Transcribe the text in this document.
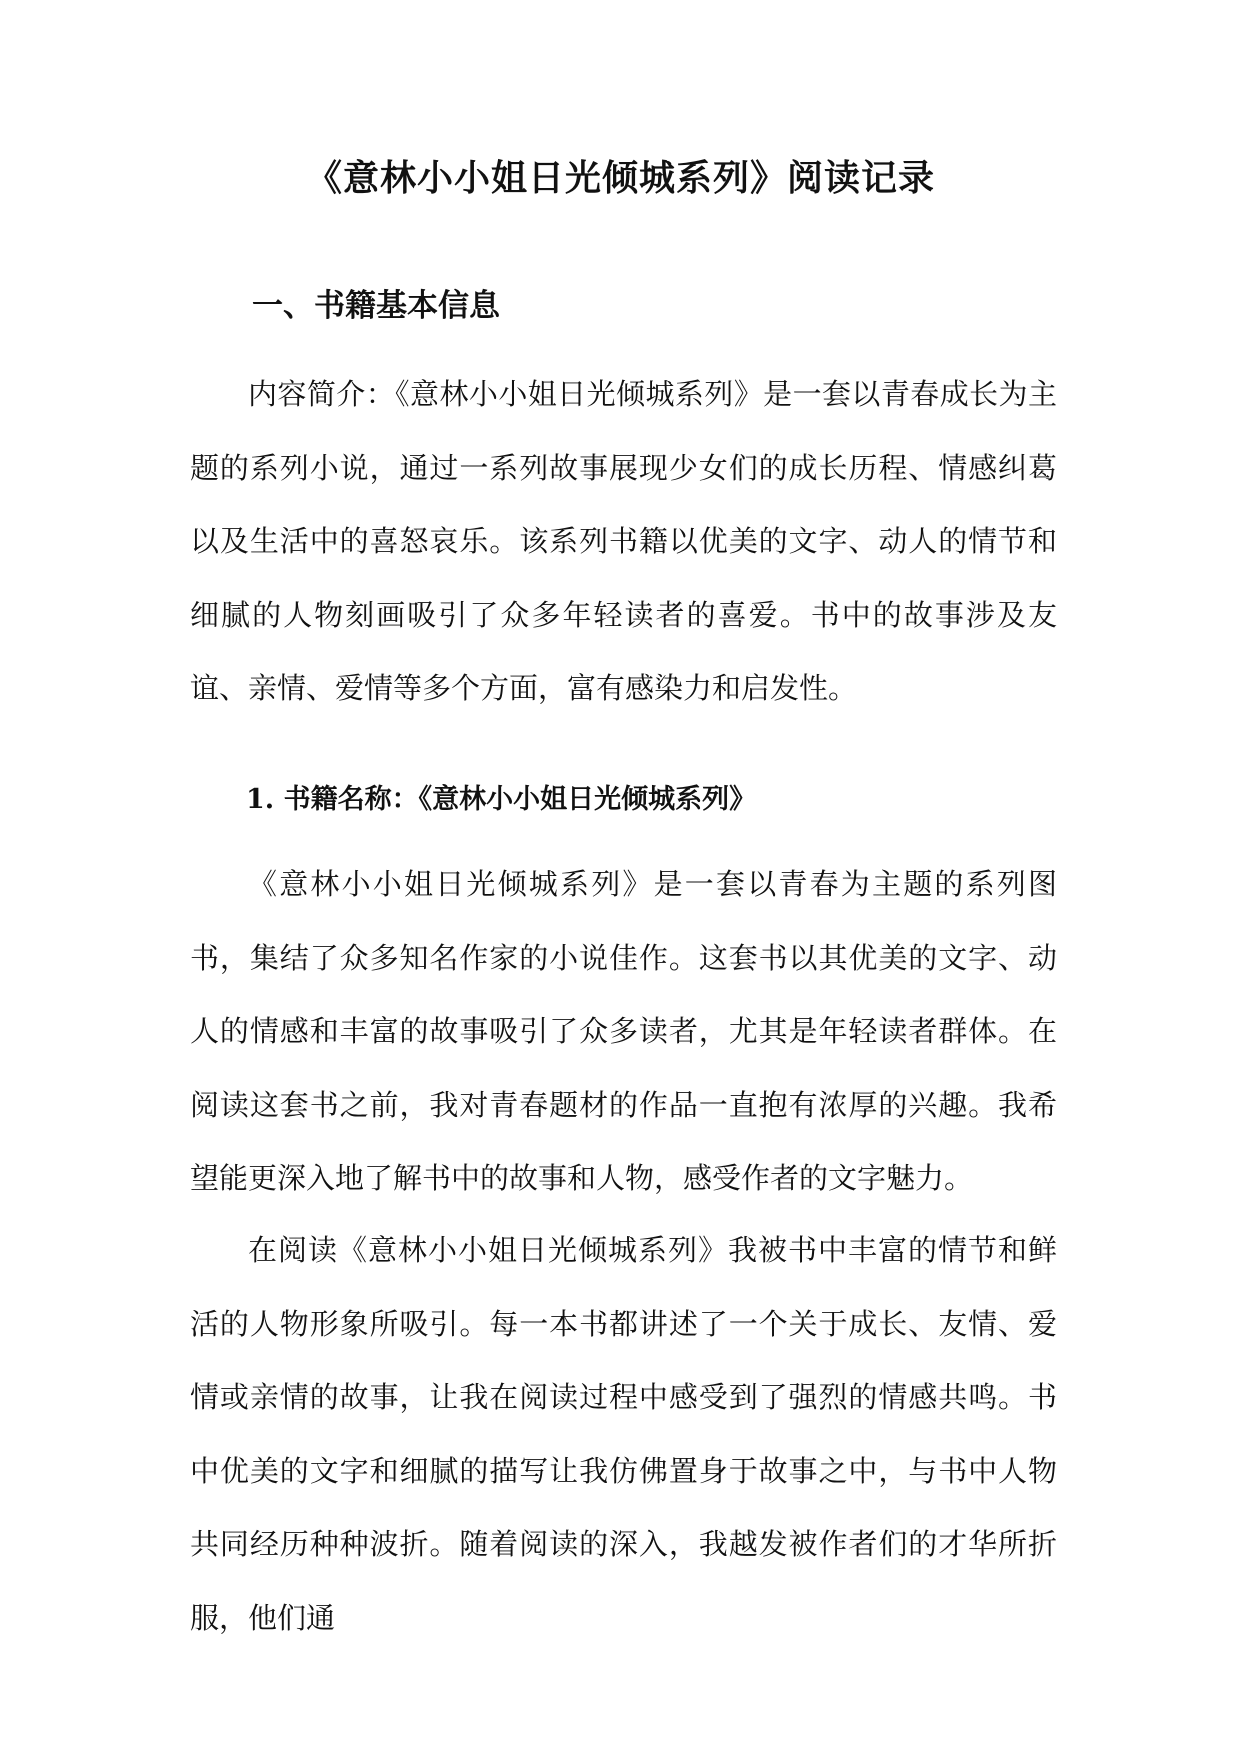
《意林小小姐日光倾城系列》阅读记录
一、书籍基本信息

内容简介：《意林小小姐日光倾城系列》是一套以青春成长为主题的系列小说，通过一系列故事展现少女们的成长历程、情感纠葛以及生活中的喜怒哀乐。该系列书籍以优美的文字、动人的情节和细腻的人物刻画吸引了众多年轻读者的喜爱。书中的故事涉及友谊、亲情、爱情等多个方面，富有感染力和启发性。

1. 书籍名称：《意林小小姐日光倾城系列》

《意林小小姐日光倾城系列》是一套以青春为主题的系列图书，集结了众多知名作家的小说佳作。这套书以其优美的文字、动人的情感和丰富的故事吸引了众多读者，尤其是年轻读者群体。在阅读这套书之前，我对青春题材的作品一直抱有浓厚的兴趣。我希望能更深入地了解书中的故事和人物，感受作者的文字魅力。

在阅读《意林小小姐日光倾城系列》我被书中丰富的情节和鲜活的人物形象所吸引。每一本书都讲述了一个关于成长、友情、爱情或亲情的故事，让我在阅读过程中感受到了强烈的情感共鸣。书中优美的文字和细腻的描写让我仿佛置身于故事之中，与书中人物共同经历种种波折。随着阅读的深入，我越发被作者们的才华所折服，他们通
